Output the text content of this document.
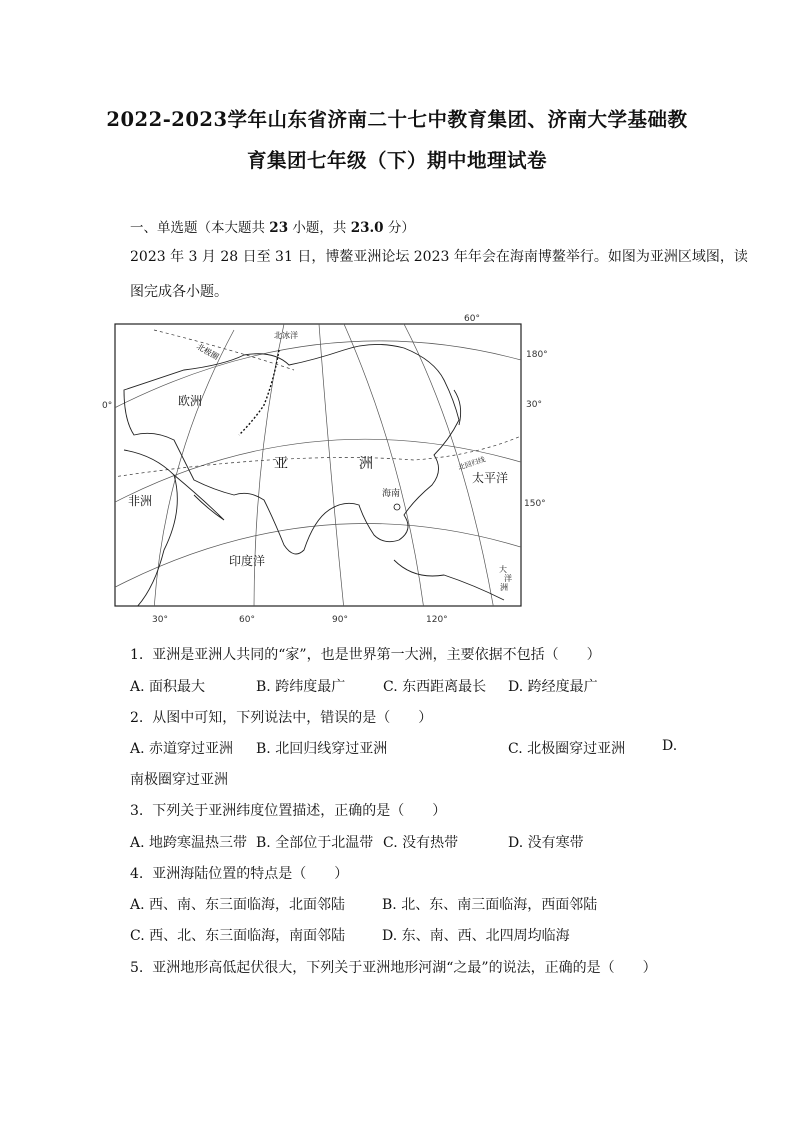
2022-2023学年山东省济南二十七中教育集团、济南大学基础教
育集团七年级（下）期中地理试卷
一、单选题（本大题共 23 小题，共 23.0 分）
2023 年 3 月 28 日至 31 日，博鳌亚洲论坛 2023 年年会在海南博鳌举行。如图为亚洲区域图，读
图完成各小题。
北冰洋
北极圈
欧洲
亚	洲
非洲	海南
北回归线
太平洋
印度洋
大
洋
洲
60°
180°
30°
150°
0°
30°	60°	90°	120°
1. 亚洲是亚洲人共同的“家”，也是世界第一大洲，主要依据不包括（　　）
A. 面积最大	B. 跨纬度最广	C. 东西距离最长 D. 跨经度最广
2. 从图中可知，下列说法中，错误的是（　　）
A. 赤道穿过亚洲 B. 北回归线穿过亚洲	C. 北极圈穿过亚洲	D.
南极圈穿过亚洲
3. 下列关于亚洲纬度位置描述，正确的是（　　）
A. 地跨寒温热三带 B. 全部位于北温带 C. 没有热带	D. 没有寒带
4. 亚洲海陆位置的特点是（　　）
A. 西、南、东三面临海，北面邻陆	B. 北、东、南三面临海，西面邻陆
C. 西、北、东三面临海，南面邻陆	D. 东、南、西、北四周均临海
5. 亚洲地形高低起伏很大，下列关于亚洲地形河湖“之最”的说法，正确的是（　　）
